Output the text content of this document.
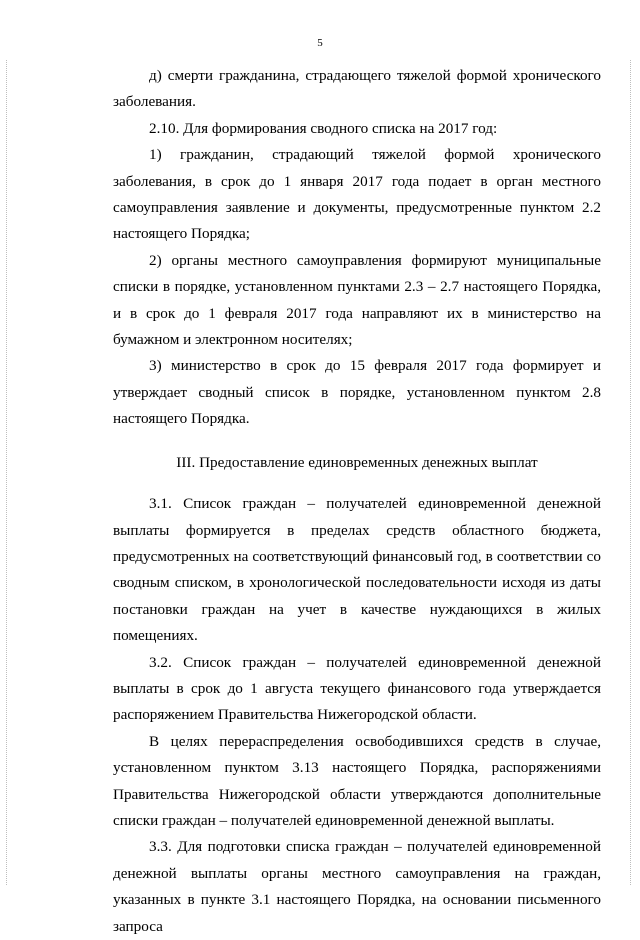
5

д) смерти гражданина, страдающего тяжелой формой хронического заболевания.

2.10. Для формирования сводного списка на 2017 год:

1) гражданин, страдающий тяжелой формой хронического заболевания, в срок до 1 января 2017 года подает в орган местного самоуправления заявление и документы, предусмотренные пунктом 2.2 настоящего Порядка;

2) органы местного самоуправления формируют муниципальные списки в порядке, установленном пунктами 2.3 – 2.7 настоящего Порядка, и в срок до 1 февраля 2017 года направляют их в министерство на бумажном и электронном носителях;

3) министерство в срок до 15 февраля 2017 года формирует и утверждает сводный список в порядке, установленном пунктом 2.8 настоящего Порядка.

III. Предоставление единовременных денежных выплат

3.1. Список граждан – получателей единовременной денежной выплаты формируется в пределах средств областного бюджета, предусмотренных на соответствующий финансовый год, в соответствии со сводным списком, в хронологической последовательности исходя из даты постановки граждан на учет в качестве нуждающихся в жилых помещениях.

3.2. Список граждан – получателей единовременной денежной выплаты в срок до 1 августа текущего финансового года утверждается распоряжением Правительства Нижегородской области.

В целях перераспределения освободившихся средств в случае, установленном пунктом 3.13 настоящего Порядка, распоряжениями Правительства Нижегородской области утверждаются дополнительные списки граждан – получателей единовременной денежной выплаты.

3.3. Для подготовки списка граждан – получателей единовременной денежной выплаты органы местного самоуправления на граждан, указанных в пункте 3.1 настоящего Порядка, на основании письменного запроса
